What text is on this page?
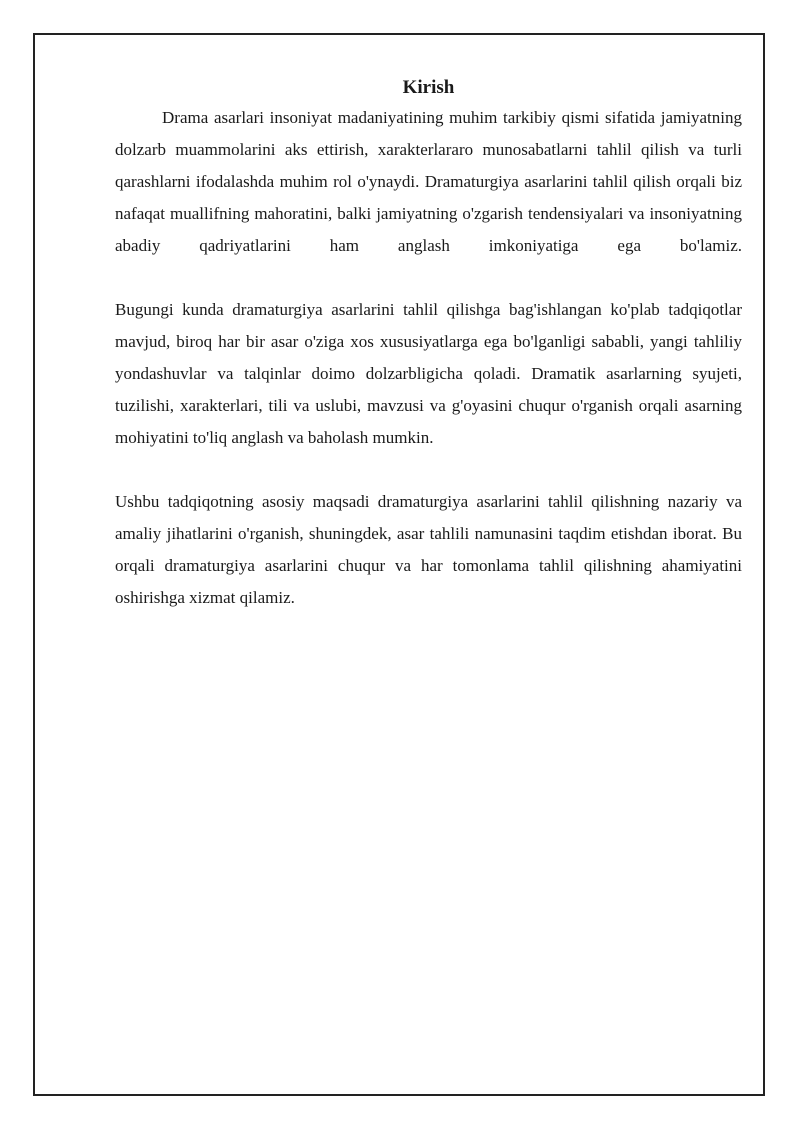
Kirish

Drama asarlari insoniyat madaniyatining muhim tarkibiy qismi sifatida jamiyatning dolzarb muammolarini aks ettirish, xarakterlararo munosabatlarni tahlil qilish va turli qarashlarni ifodalashda muhim rol o'ynaydi. Dramaturgiya asarlarini tahlil qilish orqali biz nafaqat muallifning mahoratini, balki jamiyatning o'zgarish tendensiyalari va insoniyatning abadiy qadriyatlarini ham anglash imkoniyatiga ega bo'lamiz.

Bugungi kunda dramaturgiya asarlarini tahlil qilishga bag'ishlangan ko'plab tadqiqotlar mavjud, biroq har bir asar o'ziga xos xususiyatlarga ega bo'lganligi sababli, yangi tahliliy yondashuvlar va talqinlar doimo dolzarbligicha qoladi. Dramatik asarlarning syujeti, tuzilishi, xarakterlari, tili va uslubi, mavzusi va g'oyasini chuqur o'rganish orqali asarning mohiyatini to'liq anglash va baholash mumkin.

Ushbu tadqiqotning asosiy maqsadi dramaturgiya asarlarini tahlil qilishning nazariy va amaliy jihatlarini o'rganish, shuningdek, asar tahlili namunasini taqdim etishdan iborat. Bu orqali dramaturgiya asarlarini chuqur va har tomonlama tahlil qilishning ahamiyatini oshirishga xizmat qilamiz.
